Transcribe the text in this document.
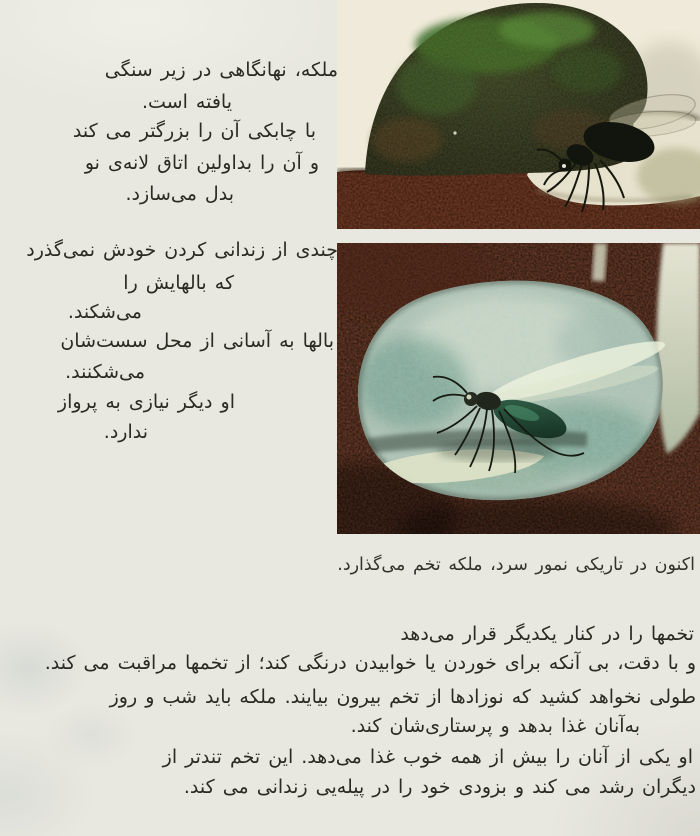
ملکه، نهانگاهی در زیر سنگی
یافته است.
با چابکی آن را بزرگتر می کند
و آن را بداولین اتاق لانه‌ی نو
بدل می‌سازد.
چندی از زندانی کردن خودش نمی‌گذرد
که بالهایش را
می‌شکند.
بالها به آسانی از محل سست‌شان
می‌شکنند.
او دیگر نیازی به پرواز
ندارد.
اکنون در تاریکی نمور سرد، ملکه تخم می‌گذارد.
تخمها را در کنار یکدیگر قرار می‌دهد
و با دقت، بی آنکه برای خوردن یا خوابیدن درنگی کند؛ از تخمها مراقبت می کند.
طولی نخواهد کشید که نوزادها از تخم بیرون بیایند. ملکه باید شب و روز
به‌آنان غذا بدهد و پرستاری‌شان کند.
او یکی از آنان را بیش از همه خوب غذا می‌دهد. این تخم تندتر از
دیگران رشد می کند و بزودی خود را در پیله‌یی زندانی می کند.
